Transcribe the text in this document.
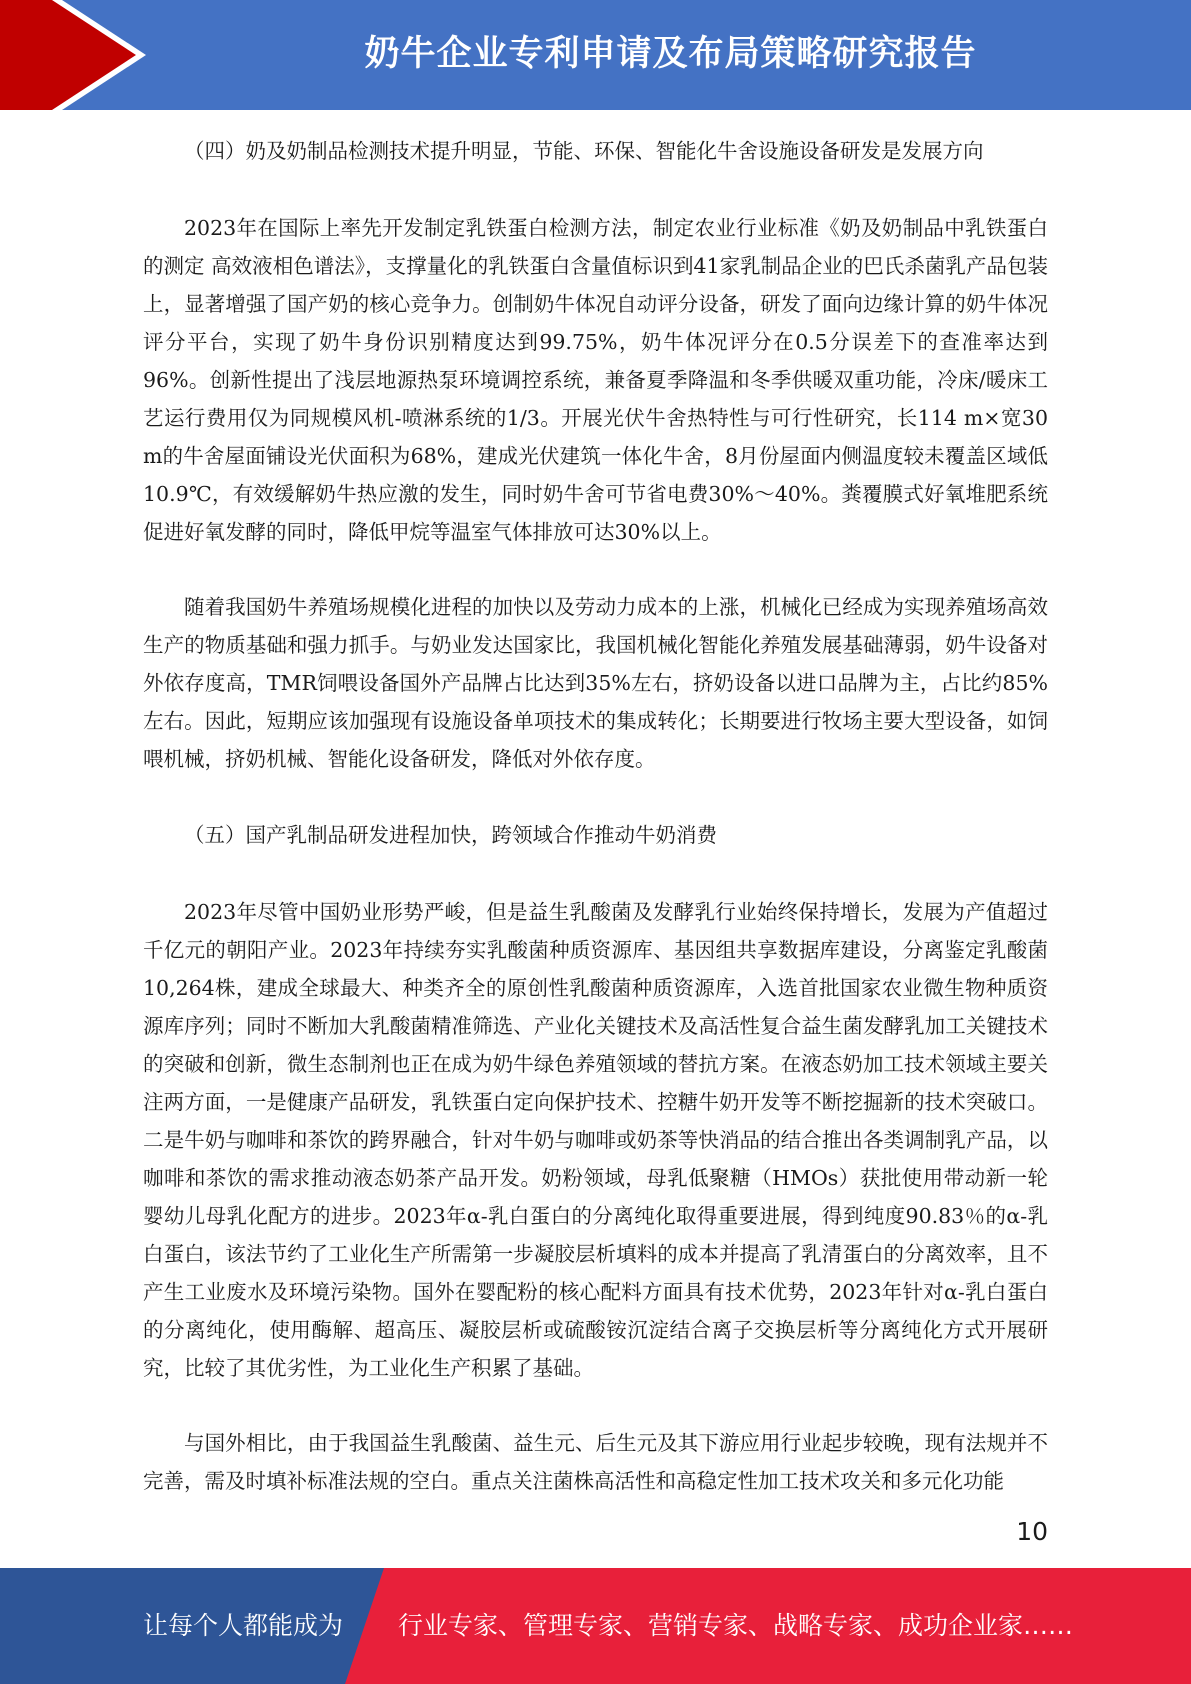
奶牛企业专利申请及布局策略研究报告

（四）奶及奶制品检测技术提升明显，节能、环保、智能化牛舍设施设备研发是发展方向

2023年在国际上率先开发制定乳铁蛋白检测方法，制定农业行业标准《奶及奶制品中乳铁蛋白的测定 高效液相色谱法》，支撑量化的乳铁蛋白含量值标识到41家乳制品企业的巴氏杀菌乳产品包装上，显著增强了国产奶的核心竞争力。创制奶牛体况自动评分设备，研发了面向边缘计算的奶牛体况评分平台，实现了奶牛身份识别精度达到99.75%，奶牛体况评分在0.5分误差下的查准率达到96%。创新性提出了浅层地源热泵环境调控系统，兼备夏季降温和冬季供暖双重功能，冷床/暖床工艺运行费用仅为同规模风机-喷淋系统的1/3。开展光伏牛舍热特性与可行性研究，长114 m×宽30 m的牛舍屋面铺设光伏面积为68%，建成光伏建筑一体化牛舍，8月份屋面内侧温度较未覆盖区域低10.9℃，有效缓解奶牛热应激的发生，同时奶牛舍可节省电费30%～40%。粪覆膜式好氧堆肥系统促进好氧发酵的同时，降低甲烷等温室气体排放可达30%以上。

随着我国奶牛养殖场规模化进程的加快以及劳动力成本的上涨，机械化已经成为实现养殖场高效生产的物质基础和强力抓手。与奶业发达国家比，我国机械化智能化养殖发展基础薄弱，奶牛设备对外依存度高，TMR饲喂设备国外产品牌占比达到35%左右，挤奶设备以进口品牌为主，占比约85%左右。因此，短期应该加强现有设施设备单项技术的集成转化；长期要进行牧场主要大型设备，如饲喂机械，挤奶机械、智能化设备研发，降低对外依存度。

（五）国产乳制品研发进程加快，跨领域合作推动牛奶消费

2023年尽管中国奶业形势严峻，但是益生乳酸菌及发酵乳行业始终保持增长，发展为产值超过千亿元的朝阳产业。2023年持续夯实乳酸菌种质资源库、基因组共享数据库建设，分离鉴定乳酸菌10,264株，建成全球最大、种类齐全的原创性乳酸菌种质资源库，入选首批国家农业微生物种质资源库序列；同时不断加大乳酸菌精准筛选、产业化关键技术及高活性复合益生菌发酵乳加工关键技术的突破和创新，微生态制剂也正在成为奶牛绿色养殖领域的替抗方案。在液态奶加工技术领域主要关注两方面，一是健康产品研发，乳铁蛋白定向保护技术、控糖牛奶开发等不断挖掘新的技术突破口。二是牛奶与咖啡和茶饮的跨界融合，针对牛奶与咖啡或奶茶等快消品的结合推出各类调制乳产品，以咖啡和茶饮的需求推动液态奶茶产品开发。奶粉领域，母乳低聚糖（HMOs）获批使用带动新一轮婴幼儿母乳化配方的进步。2023年α-乳白蛋白的分离纯化取得重要进展，得到纯度90.83％的α-乳白蛋白，该法节约了工业化生产所需第一步凝胶层析填料的成本并提高了乳清蛋白的分离效率，且不产生工业废水及环境污染物。国外在婴配粉的核心配料方面具有技术优势，2023年针对α-乳白蛋白的分离纯化，使用酶解、超高压、凝胶层析或硫酸铵沉淀结合离子交换层析等分离纯化方式开展研究，比较了其优劣性，为工业化生产积累了基础。

与国外相比，由于我国益生乳酸菌、益生元、后生元及其下游应用行业起步较晚，现有法规并不完善，需及时填补标准法规的空白。重点关注菌株高活性和高稳定性加工技术攻关和多元化功能

10
让每个人都能成为 行业专家、管理专家、营销专家、战略专家、成功企业家……
